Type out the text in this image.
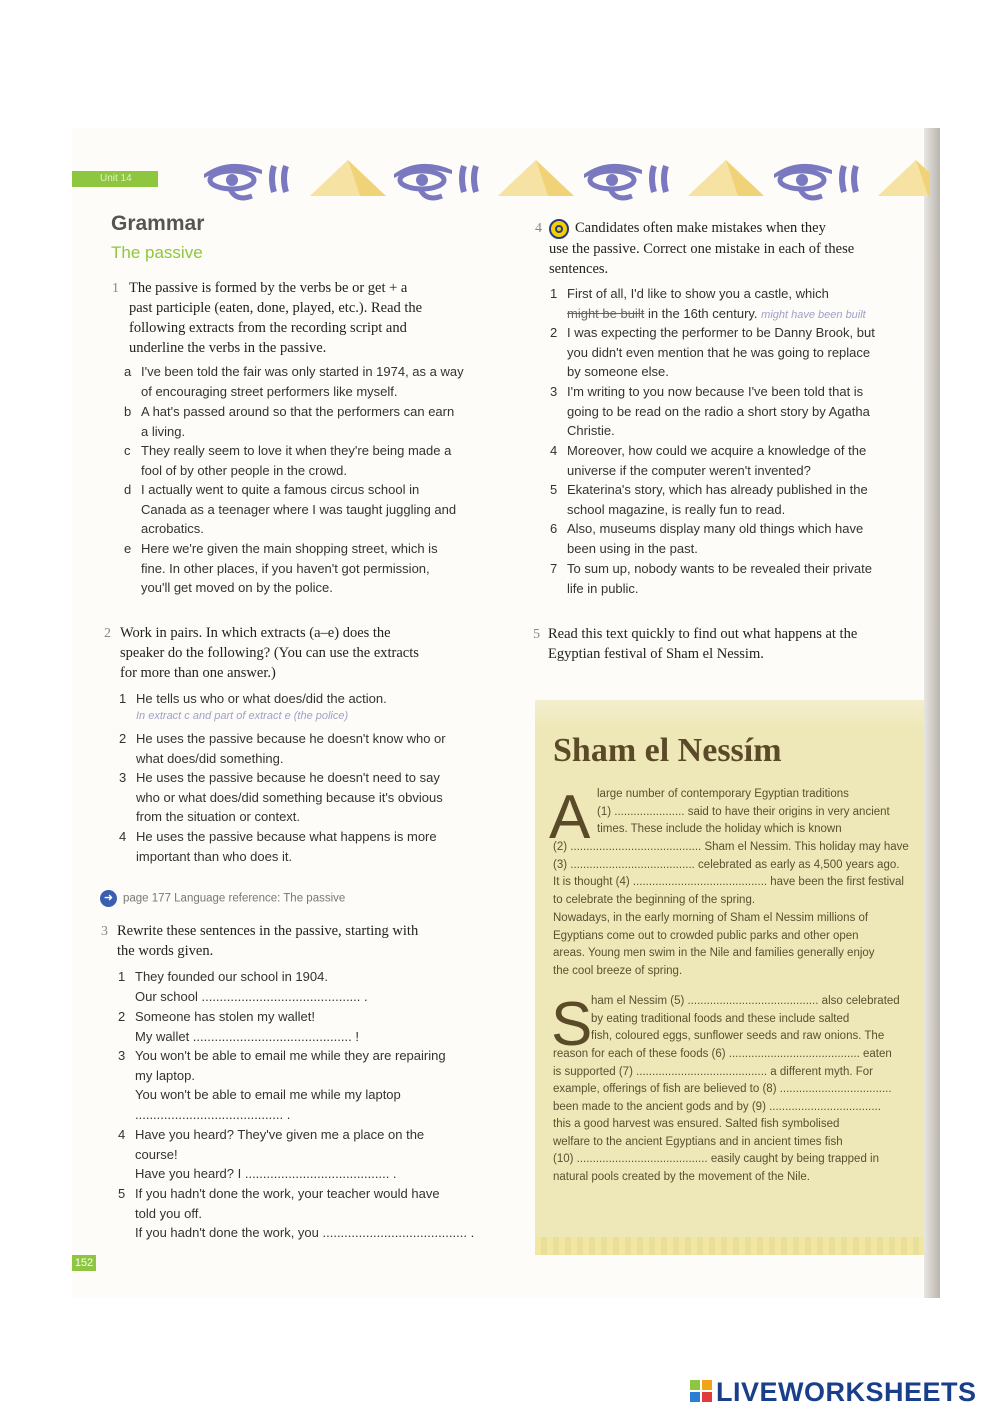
Unit 14
Grammar
The passive
1 The passive is formed by the verbs be or get + a
past participle (eaten, done, played, etc.). Read the
following extracts from the recording script and
underline the verbs in the passive.
a I've been told the fair was only started in 1974, as a way
of encouraging street performers like myself.
b A hat's passed around so that the performers can earn
a living.
c They really seem to love it when they're being made a
fool of by other people in the crowd.
d I actually went to quite a famous circus school in
Canada as a teenager where I was taught juggling and
acrobatics.
e Here we're given the main shopping street, which is
fine. In other places, if you haven't got permission,
you'll get moved on by the police.
2 Work in pairs. In which extracts (a–e) does the
speaker do the following? (You can use the extracts
for more than one answer.)
1 He tells us who or what does/did the action.
In extract c and part of extract e (the police)
2 He uses the passive because he doesn't know who or
what does/did something.
3 He uses the passive because he doesn't need to say
who or what does/did something because it's obvious
from the situation or context.
4 He uses the passive because what happens is more
important than who does it.
➜ page 177 Language reference: The passive
3 Rewrite these sentences in the passive, starting with
the words given.
1 They founded our school in 1904.
Our school ............................................ .
2 Someone has stolen my wallet!
My wallet ............................................ !
3 You won't be able to email me while they are repairing
my laptop.
You won't be able to email me while my laptop
......................................... .
4 Have you heard? They've given me a place on the
course!
Have you heard? I ........................................ .
5 If you hadn't done the work, your teacher would have
told you off.
If you hadn't done the work, you ........................................ .
4	Candidates often make mistakes when they
use the passive. Correct one mistake in each of these
sentences.
1 First of all, I'd like to show you a castle, which
might be built in the 16th century. might have been built
2 I was expecting the performer to be Danny Brook, but
you didn't even mention that he was going to replace
by someone else.
3 I'm writing to you now because I've been told that is
going to be read on the radio a short story by Agatha
Christie.
4 Moreover, how could we acquire a knowledge of the
universe if the computer weren't invented?
5 Ekaterina's story, which has already published in the
school magazine, is really fun to read.
6 Also, museums display many old things which have
been using in the past.
7 To sum up, nobody wants to be revealed their private
life in public.
5 Read this text quickly to find out what happens at the
Egyptian festival of Sham el Nessim.
Sham el Nessím
A large number of contemporary Egyptian traditions
(1) ...................... said to have their origins in very ancient
times. These include the holiday which is known
(2) ......................................... Sham el Nessim. This holiday may have
(3) ....................................... celebrated as early as 4,500 years ago.
It is thought (4) .......................................... have been the first festival
to celebrate the beginning of the spring.
Nowadays, in the early morning of Sham el Nessim millions of
Egyptians come out to crowded public parks and other open
areas. Young men swim in the Nile and families generally enjoy
the cool breeze of spring.
S
ham el Nessim (5) ......................................... also celebrated
by eating traditional foods and these include salted
fish, coloured eggs, sunflower seeds and raw onions. The
reason for each of these foods (6) ......................................... eaten
is supported (7) ......................................... a different myth. For
example, offerings of fish are believed to (8) ...................................
been made to the ancient gods and by (9) ...................................
this a good harvest was ensured. Salted fish symbolised
welfare to the ancient Egyptians and in ancient times fish
(10) ......................................... easily caught by being trapped in
natural pools created by the movement of the Nile.
152
LIVEWORKSHEETS
